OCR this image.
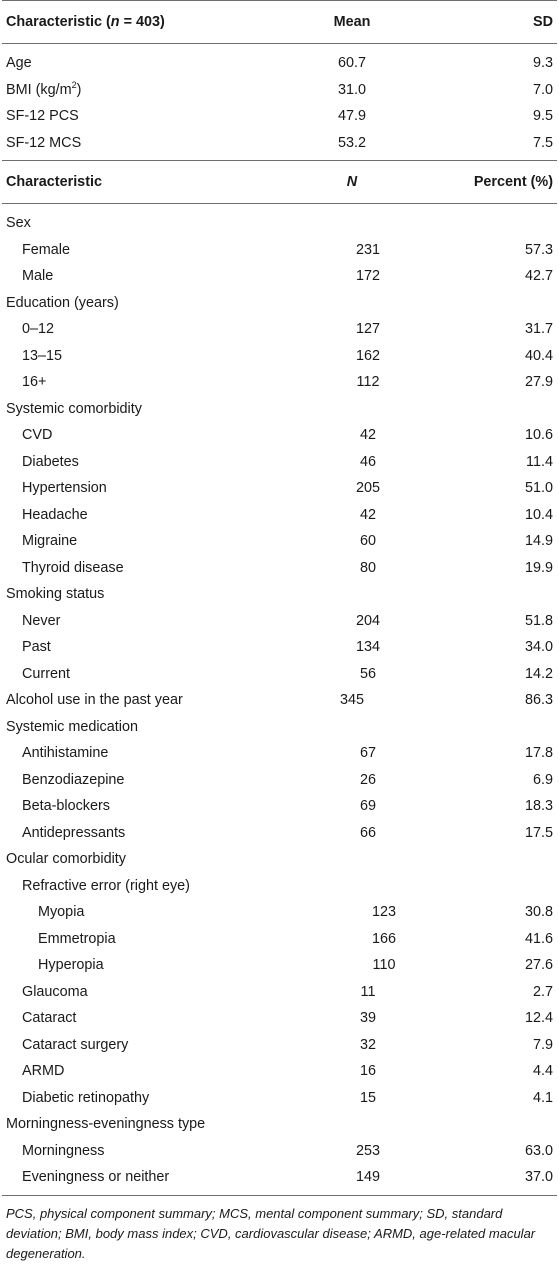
Characteristic (n = 403)	Mean	SD
Age	60.7	9.3
BMI $(kg/m^2)$	31.0	7.0
SF-12 PCS	47.9	9.5
SF-12 MCS	53.2	7.5
Characteristic	N	Percent (%)
Sex
Female	231	57.3
Male	172	42.7
Education (years)
0–12	127	31.7
13–15	162	40.4
16+	112	27.9
Systemic comorbidity
CVD	42	10.6
Diabetes	46	11.4
Hypertension	205	51.0
Headache	42	10.4
Migraine	60	14.9
Thyroid disease	80	19.9
Smoking status
Never	204	51.8
Past	134	34.0
Current	56	14.2
Alcohol use in the past year	345	86.3
Systemic medication
Antihistamine	67	17.8
Benzodiazepine	26	6.9
Beta-blockers	69	18.3
Antidepressants	66	17.5
Ocular comorbidity
Refractive error (right eye)
Myopia	123	30.8
Emmetropia	166	41.6
Hyperopia	110	27.6
Glaucoma	11	2.7
Cataract	39	12.4
Cataract surgery	32	7.9
ARMD	16	4.4
Diabetic retinopathy	15	4.1
Morningness-eveningness type
Morningness	253	63.0
Eveningness or neither	149	37.0
PCS, physical component summary; MCS, mental component summary; SD, standard deviation; BMI, body mass index; CVD, cardiovascular disease; ARMD, age-related macular degeneration.
